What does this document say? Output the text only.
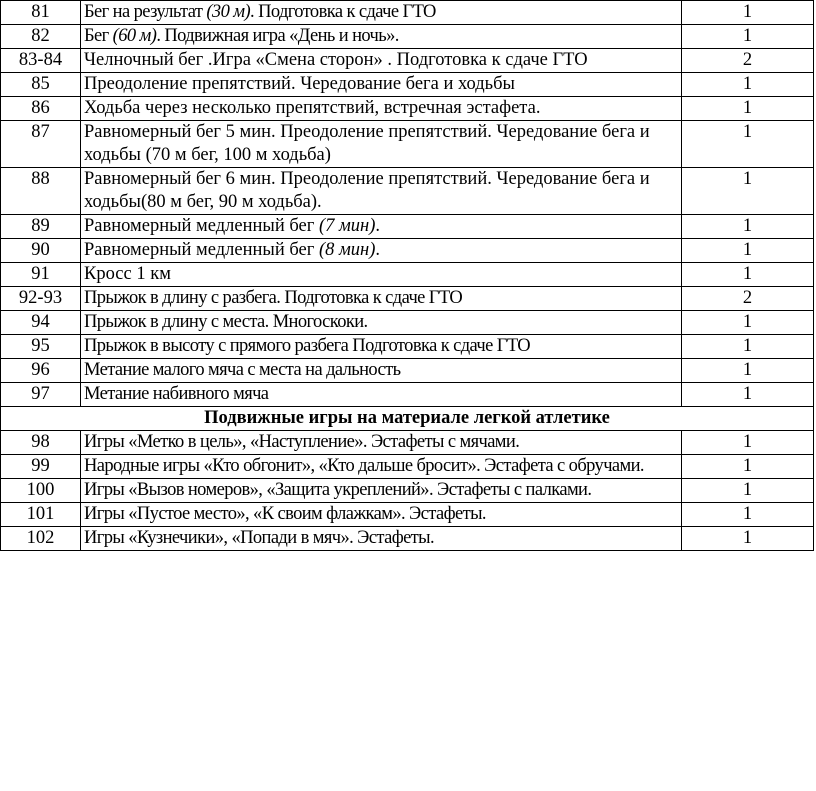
81	Бег на результат (30 м). Подготовка к сдаче ГТО	1
82	Бег (60 м). Подвижная игра «День и ночь».	1
83-84	Челночный бег .Игра «Смена сторон» . Подготовка к сдаче ГТО	2
85	Преодоление препятствий. Чередование бега и ходьбы	1
86	Ходьба через несколько препятствий, встречная эстафета.	1
87	Равномерный бег 5 мин. Преодоление препятствий. Чередование бега и ходьбы (70 м бег, 100 м ходьба)	1
88	Равномерный бег 6 мин. Преодоление препятствий. Чередование бега и ходьбы(80 м бег, 90 м ходьба).	1
89	Равномерный медленный бег (7 мин).	1
90	Равномерный медленный бег (8 мин).	1
91	Кросс 1 км	1
92-93	Прыжок в длину с разбега. Подготовка к сдаче ГТО	2
94	Прыжок в длину с места. Многоскоки.	1
95	Прыжок в высоту с прямого разбега Подготовка к сдаче ГТО	1
96	Метание малого мяча с места на дальность	1
97	Метание набивного мяча	1
Подвижные игры на материале легкой атлетике		
98	Игры «Метко в цель», «Наступление». Эстафеты с мячами.	1
99	Народные игры «Кто обгонит», «Кто дальше бросит». Эстафета с обручами.	1
100	Игры «Вызов номеров», «Защита укреплений». Эстафеты с палками.	1
101	Игры «Пустое место», «К своим флажкам». Эстафеты.	1
102	Игры «Кузнечики», «Попади в мяч». Эстафеты.	1
